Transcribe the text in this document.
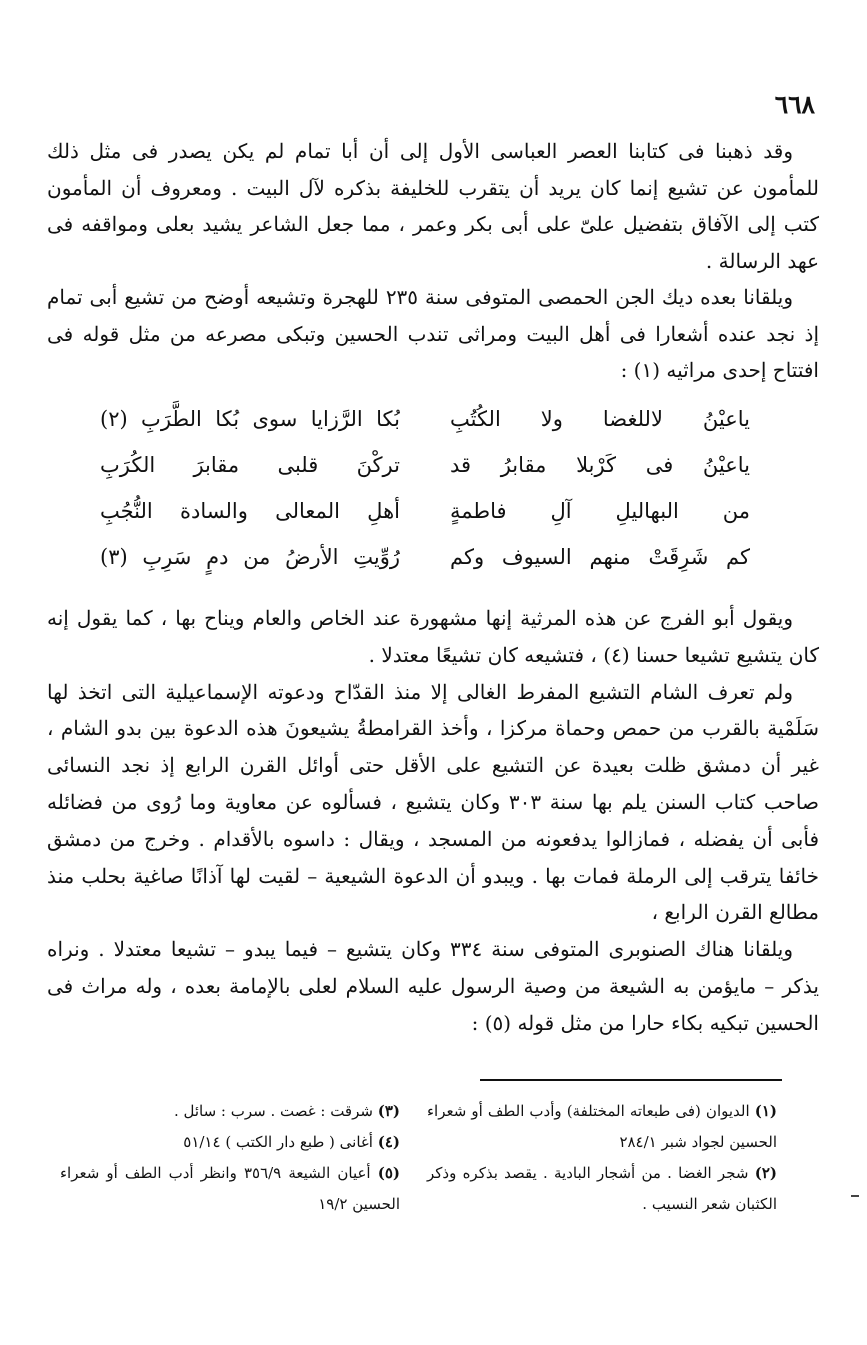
٦٦٨

وقد ذهبنا فى كتابنا العصر العباسى الأول إلى أن أبا تمام لم يكن يصدر فى مثل ذلك للمأمون عن تشيع إنما كان يريد أن يتقرب للخليفة بذكره لآل البيت . ومعروف أن المأمون كتب إلى الآفاق بتفضيل علىّ على أبى بكر وعمر ، مما جعل الشاعر يشيد بعلى ومواقفه فى عهد الرسالة .

ويلقانا بعده ديك الجن الحمصى المتوفى سنة ٢٣٥ للهجرة وتشيعه أوضح من تشيع أبى تمام إذ نجد عنده أشعارا فى أهل البيت ومراثى تندب الحسين وتبكى مصرعه من مثل قوله فى افتتاح إحدى مراثيه (١) :

ياعيْنُ لاللغضا ولا الكُتُبِ
بُكا الرَّزايا سوى بُكا الطَّرَبِ (٢)
ياعيْنُ فى كَرْبلا مقابرُ قد
تركْنَ قلبى مقابرَ الكُرَبِ
من البهاليلِ آلِ فاطمةٍ
أهلِ المعالى والسادة النُّجُبِ
كم شَرِقَتْ منهم السيوف وكم
رُوِّيتِ الأرضُ من دمٍ سَرِبِ (٣)

ويقول أبو الفرج عن هذه المرثية إنها مشهورة عند الخاص والعام ويناح بها ، كما يقول إنه كان يتشيع تشيعا حسنا (٤) ، فتشيعه كان تشيعًا معتدلا .

ولم تعرف الشام التشيع المفرط الغالى إلا منذ القدّاح ودعوته الإسماعيلية التى اتخذ لها سَلَمْية بالقرب من حمص وحماة مركزا ، وأخذ القرامطةُ يشيعونَ هذه الدعوة بين بدو الشام ، غير أن دمشق ظلت بعيدة عن التشيع على الأقل حتى أوائل القرن الرابع إذ نجد النسائى صاحب كتاب السنن يلم بها سنة ٣٠٣ وكان يتشيع ، فسألوه عن معاوية وما رُوى من فضائله فأبى أن يفضله ، فمازالوا يدفعونه من المسجد ، ويقال : داسوه بالأقدام . وخرج من دمشق خائفا يترقب إلى الرملة فمات بها . ويبدو أن الدعوة الشيعية – لقيت لها آذانًا صاغية بحلب منذ مطالع القرن الرابع ،

ويلقانا هناك الصنوبرى المتوفى سنة ٣٣٤ وكان يتشيع – فيما يبدو – تشيعا معتدلا . ونراه يذكر – مايؤمن به الشيعة من وصية الرسول عليه السلام لعلى بالإمامة بعده ، وله مراث فى الحسين تبكيه بكاء حارا من مثل قوله (٥) :

(١) الديوان (فى طبعاته المختلفة) وأدب الطف أو شعراء الحسين لجواد شبر ٢٨٤/١

(٢) شجر الغضا . من أشجار البادية . يقصد بذكره وذكر الكثبان شعر النسيب .

(٣) شرقت : غصت . سرب : سائل .

(٤) أغانى ( طبع دار الكتب ) ٥١/١٤

(٥) أعيان الشيعة ٣٥٦/٩ وانظر أدب الطف أو شعراء الحسين ١٩/٢
